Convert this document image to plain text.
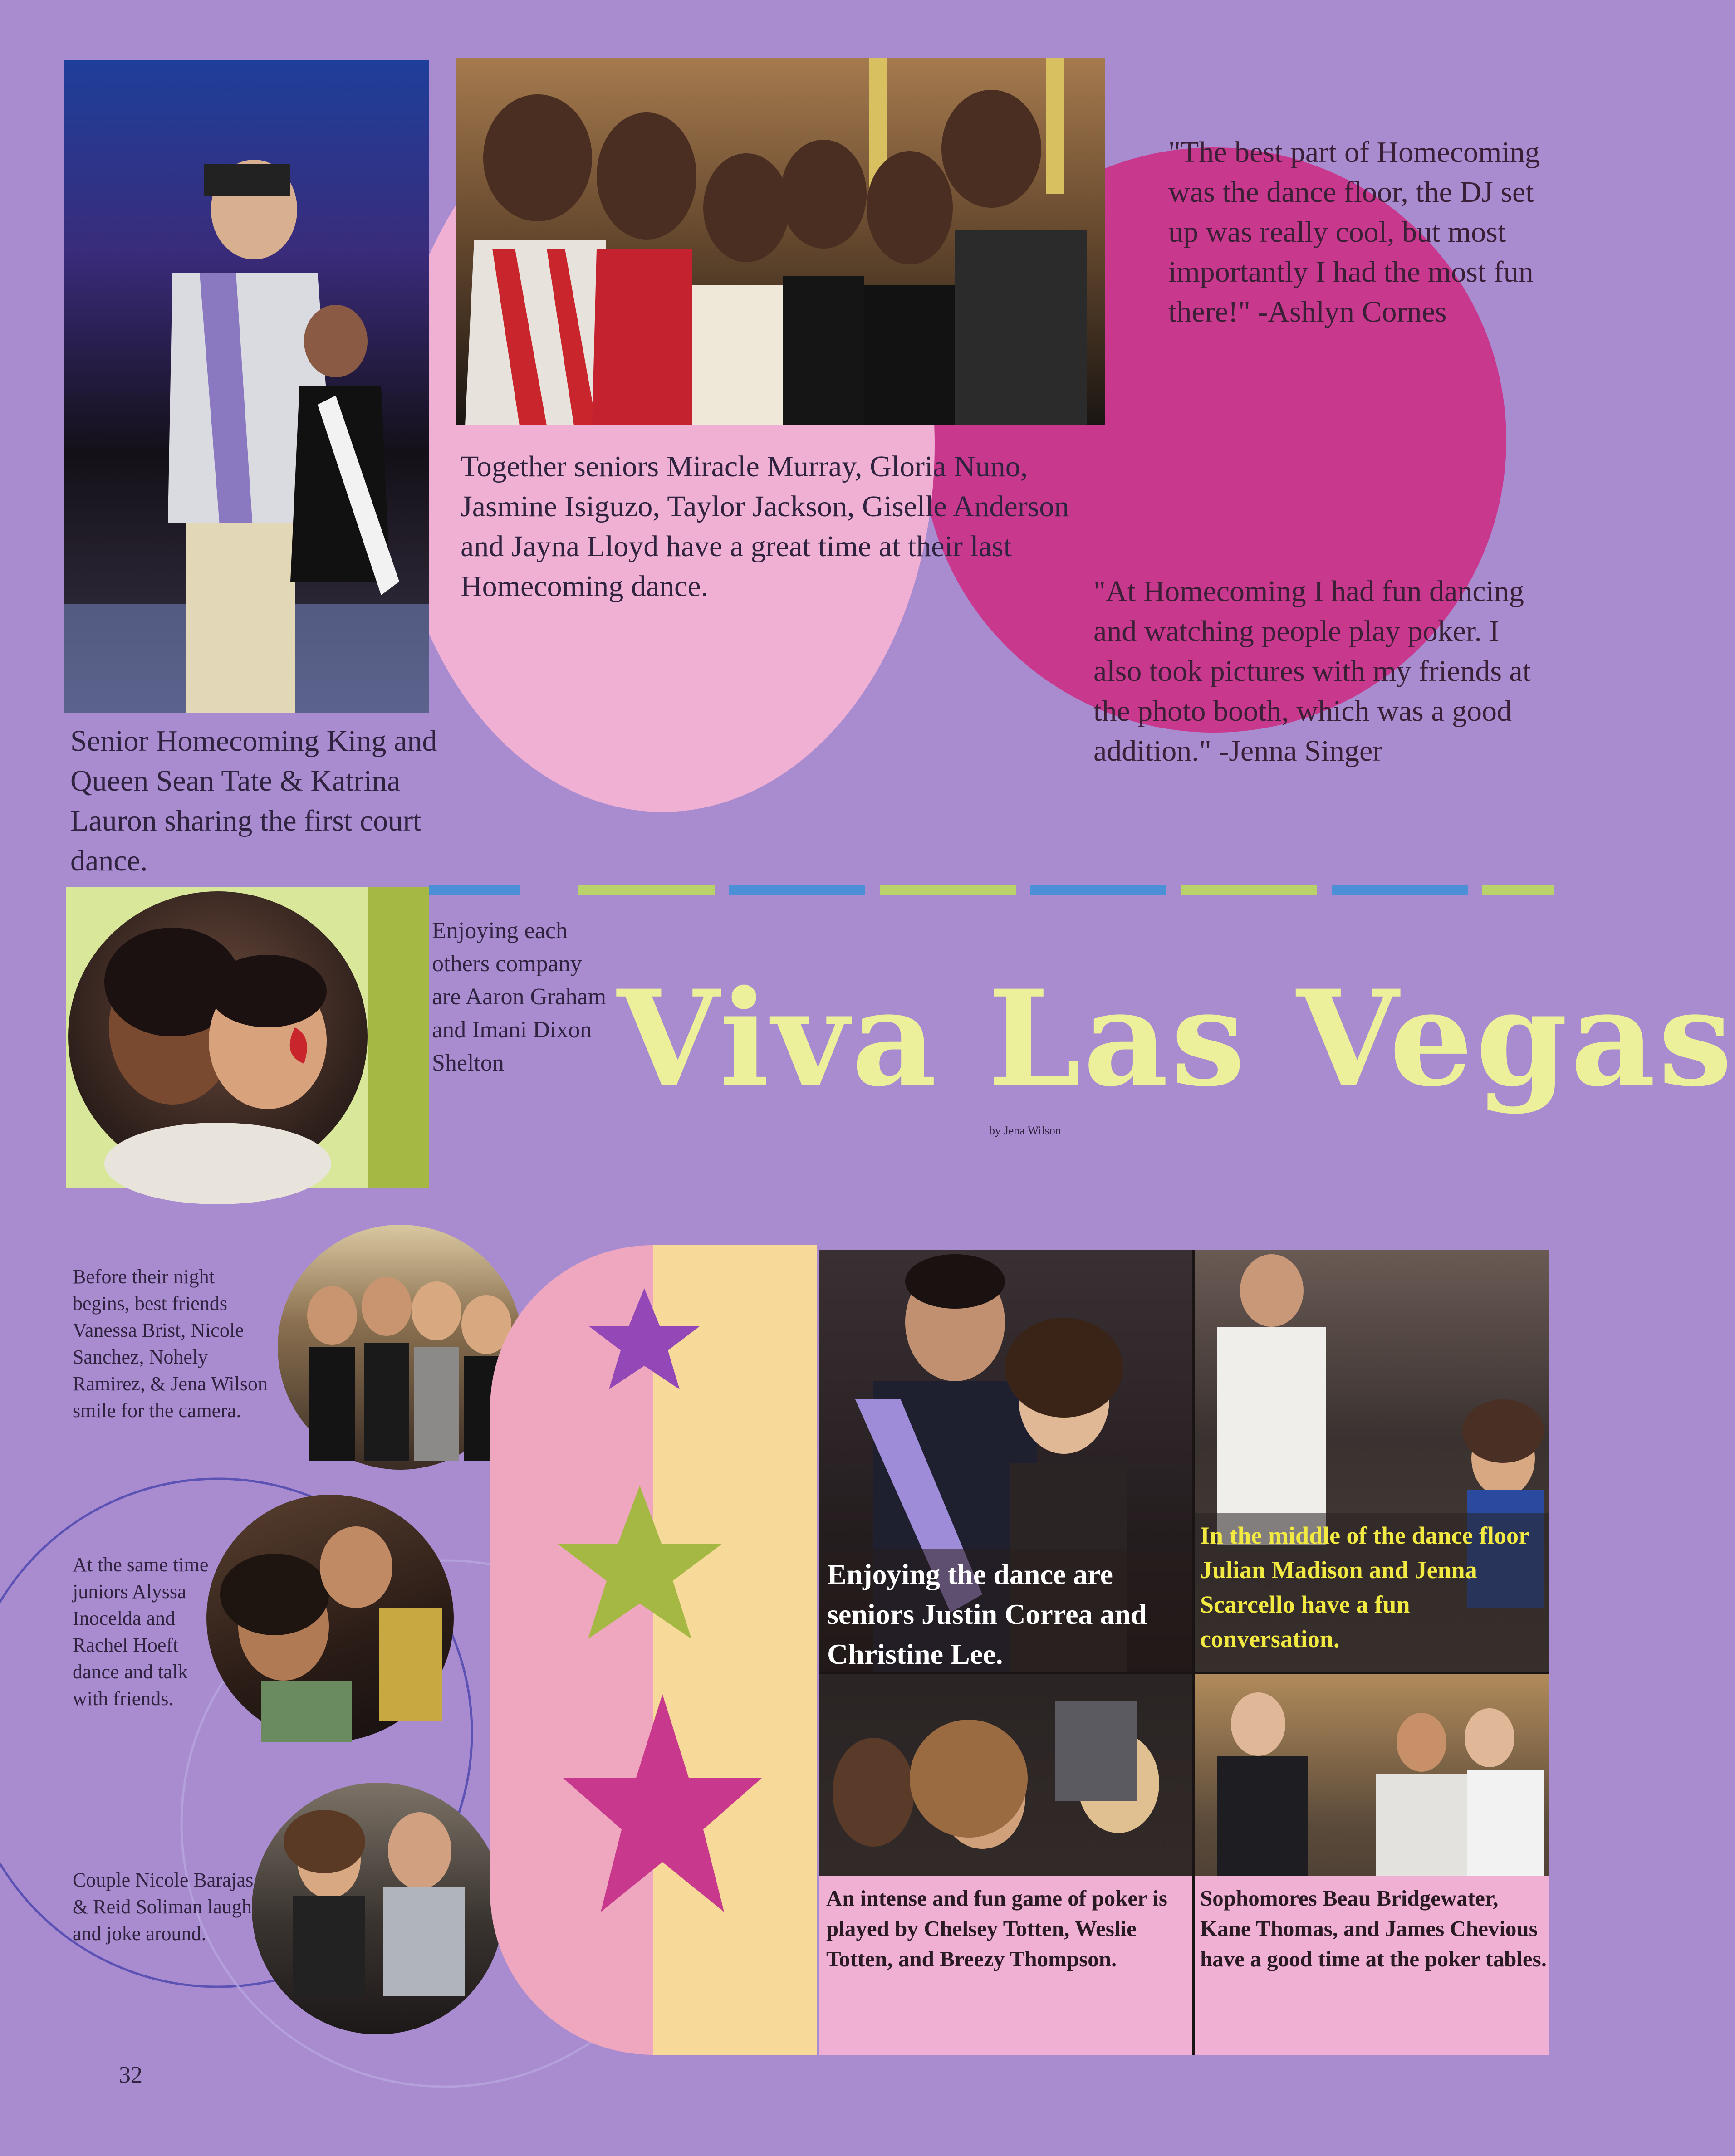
Senior Homecoming King and Queen Sean Tate & Katrina Lauron sharing the first court dance.
Together seniors Miracle Murray, Gloria Nuno, Jasmine Isiguzo, Taylor Jackson, Giselle Anderson and Jayna Lloyd have a great time at their last Homecoming dance.
"The best part of Homecoming was the dance floor, the DJ set up was really cool, but most importantly I had the most fun there!" -Ashlyn Cornes
"At Homecoming I had fun dancing and watching people play poker. I also took pictures with my friends at the photo booth, which was a good addition." -Jenna Singer
Enjoying each others company are Aaron Graham and Imani Dixon Shelton Viva Las Vegas
by Jena Wilson
Before their night begins, best friends Vanessa Brist, Nicole Sanchez, Nohely Ramirez, & Jena Wilson smile for the camera.
At the same time juniors Alyssa Inocelda and Rachel Hoeft dance and talk with friends.
Couple Nicole Barajas & Reid Soliman laugh and joke around.
Enjoying the dance are seniors Justin Correa and Christine Lee.
In the middle of the dance floor Julian Madison and Jenna Scarcello have a fun conversation.
An intense and fun game of poker is played by Chelsey Totten, Weslie Totten, and Breezy Thompson.
Sophomores Beau Bridgewater, Kane Thomas, and James Chevious have a good time at the poker tables.
32
